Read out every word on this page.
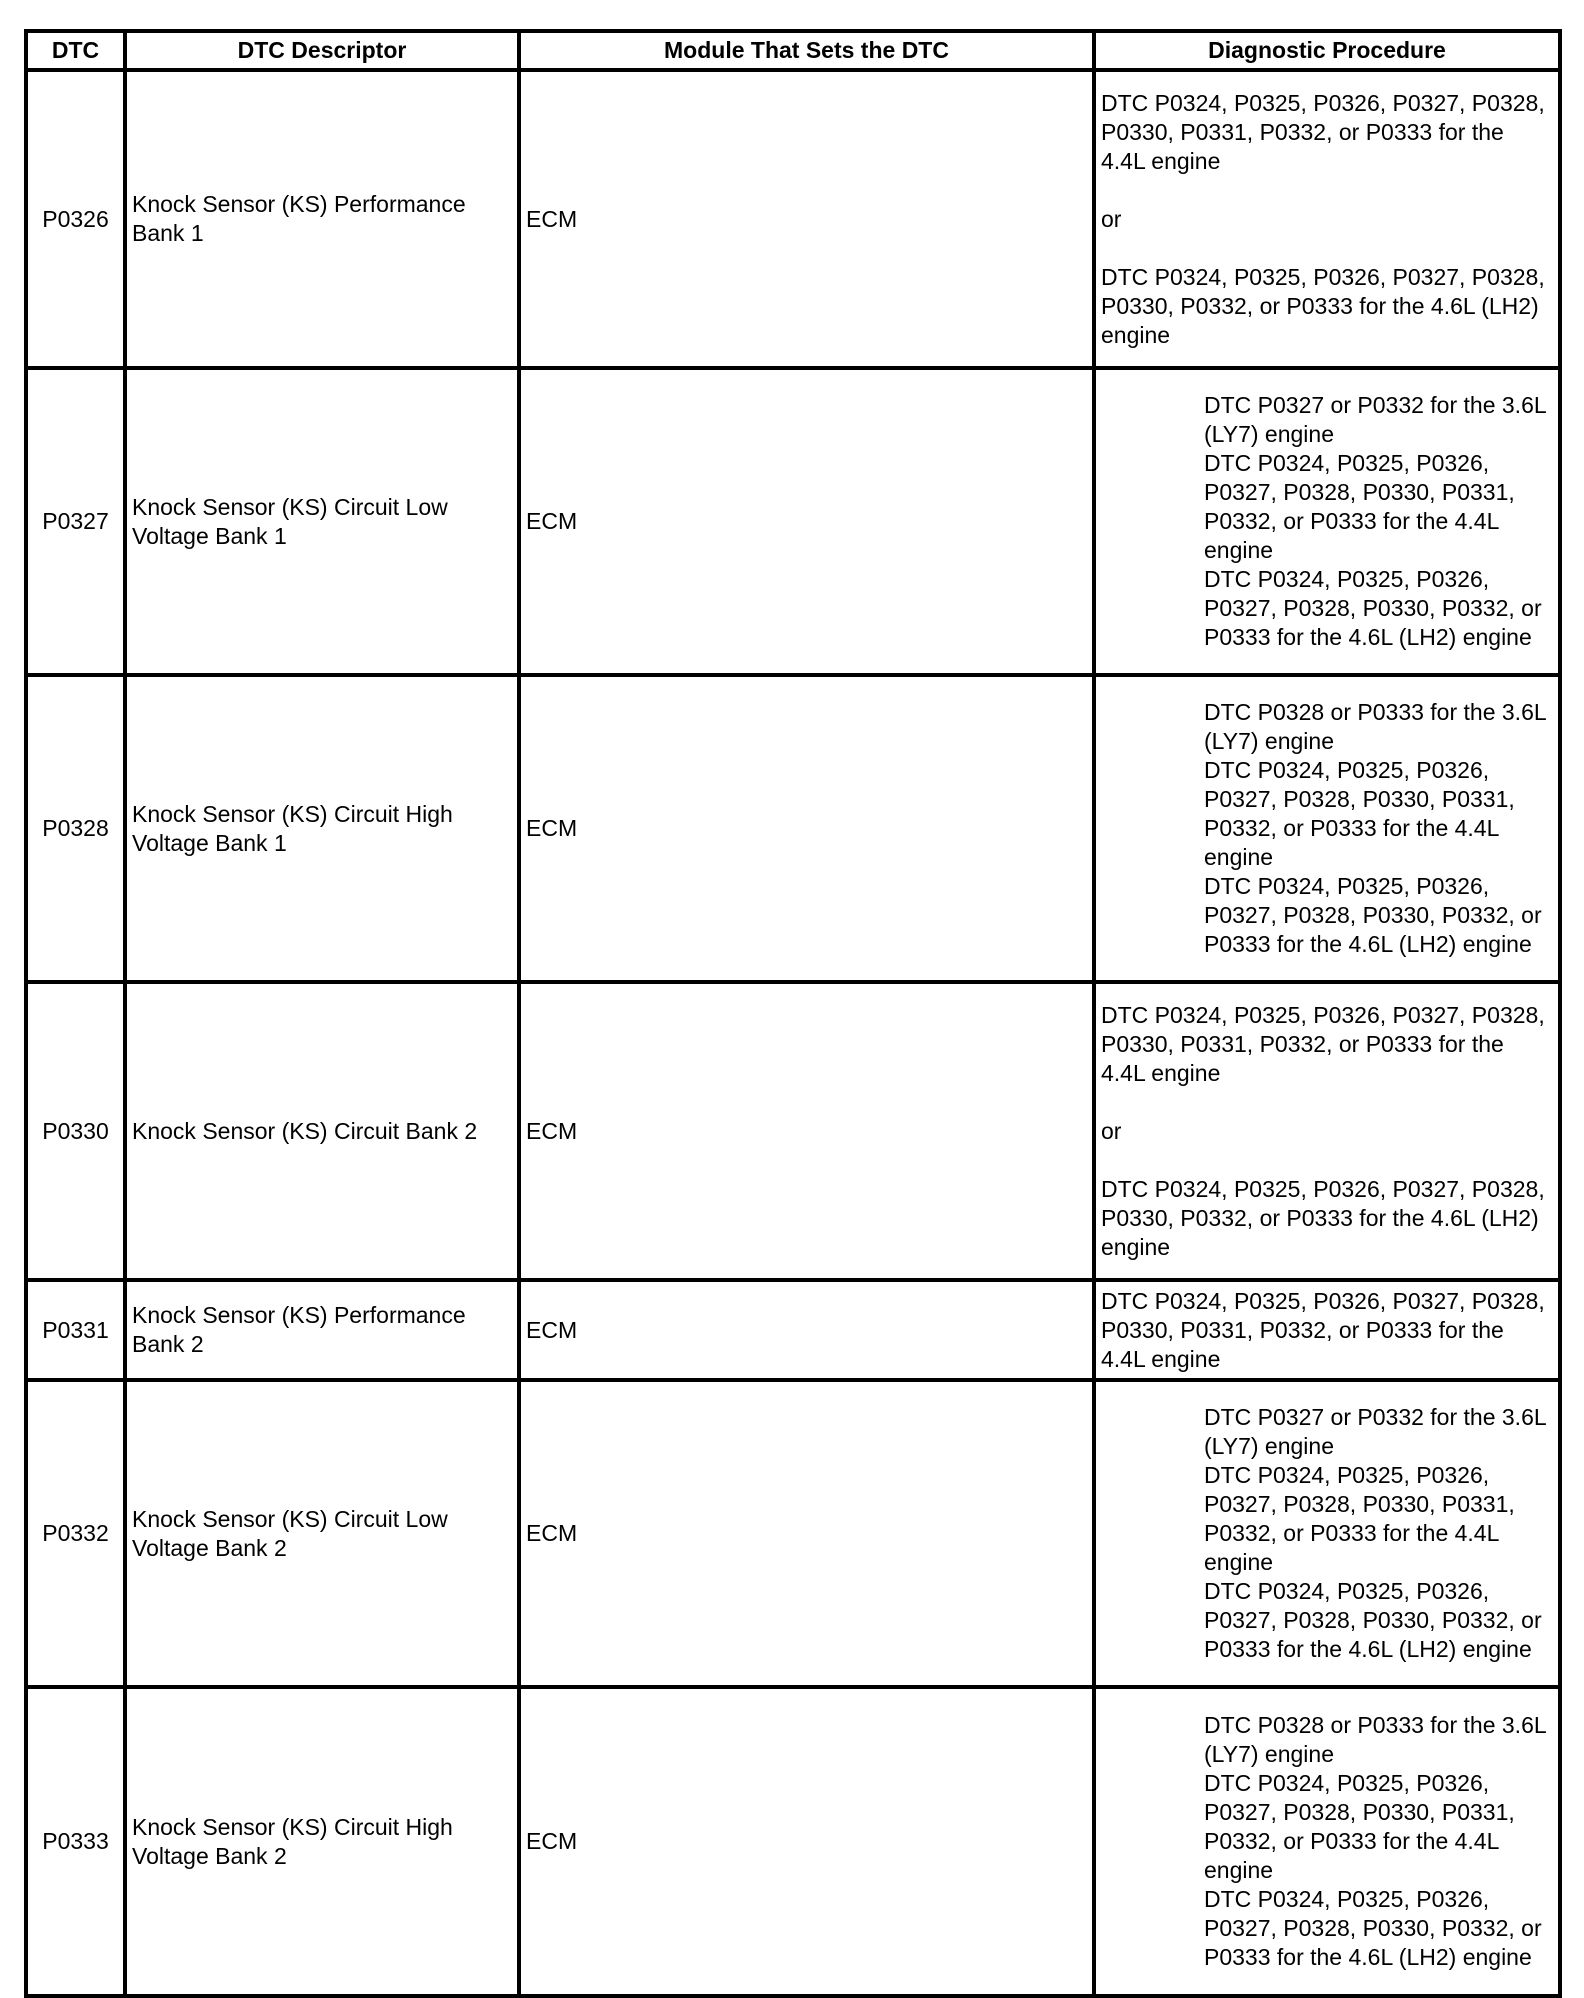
DTC	DTC Descriptor	Module That Sets the DTC	Diagnostic Procedure
P0326	Knock Sensor (KS) Performance Bank 1	ECM	DTC P0324, P0325, P0326, P0327, P0328, P0330, P0331, P0332, or P0333 for the 4.4L engine
or
DTC P0324, P0325, P0326, P0327, P0328, P0330, P0332, or P0333 for the 4.6L (LH2) engine

P0327	Knock Sensor (KS) Circuit Low Voltage Bank 1	ECM	DTC P0327 or P0332 for the 3.6L (LY7) engine
DTC P0324, P0325, P0326, P0327, P0328, P0330, P0331, P0332, or P0333 for the 4.4L engine
DTC P0324, P0325, P0326, P0327, P0328, P0330, P0332, or P0333 for the 4.6L (LH2) engine

P0328	Knock Sensor (KS) Circuit High Voltage Bank 1	ECM	DTC P0328 or P0333 for the 3.6L (LY7) engine
DTC P0324, P0325, P0326, P0327, P0328, P0330, P0331, P0332, or P0333 for the 4.4L engine
DTC P0324, P0325, P0326, P0327, P0328, P0330, P0332, or P0333 for the 4.6L (LH2) engine

P0330	Knock Sensor (KS) Circuit Bank 2	ECM	DTC P0324, P0325, P0326, P0327, P0328, P0330, P0331, P0332, or P0333 for the 4.4L engine
or
DTC P0324, P0325, P0326, P0327, P0328, P0330, P0332, or P0333 for the 4.6L (LH2) engine

P0331	Knock Sensor (KS) Performance Bank 2	ECM	DTC P0324, P0325, P0326, P0327, P0328, P0330, P0331, P0332, or P0333 for the 4.4L engine

P0332	Knock Sensor (KS) Circuit Low Voltage Bank 2	ECM	DTC P0327 or P0332 for the 3.6L (LY7) engine
DTC P0324, P0325, P0326, P0327, P0328, P0330, P0331, P0332, or P0333 for the 4.4L engine
DTC P0324, P0325, P0326, P0327, P0328, P0330, P0332, or P0333 for the 4.6L (LH2) engine

P0333	Knock Sensor (KS) Circuit High Voltage Bank 2	ECM	DTC P0328 or P0333 for the 3.6L (LY7) engine
DTC P0324, P0325, P0326, P0327, P0328, P0330, P0331, P0332, or P0333 for the 4.4L engine
DTC P0324, P0325, P0326, P0327, P0328, P0330, P0332, or P0333 for the 4.6L (LH2) engine
